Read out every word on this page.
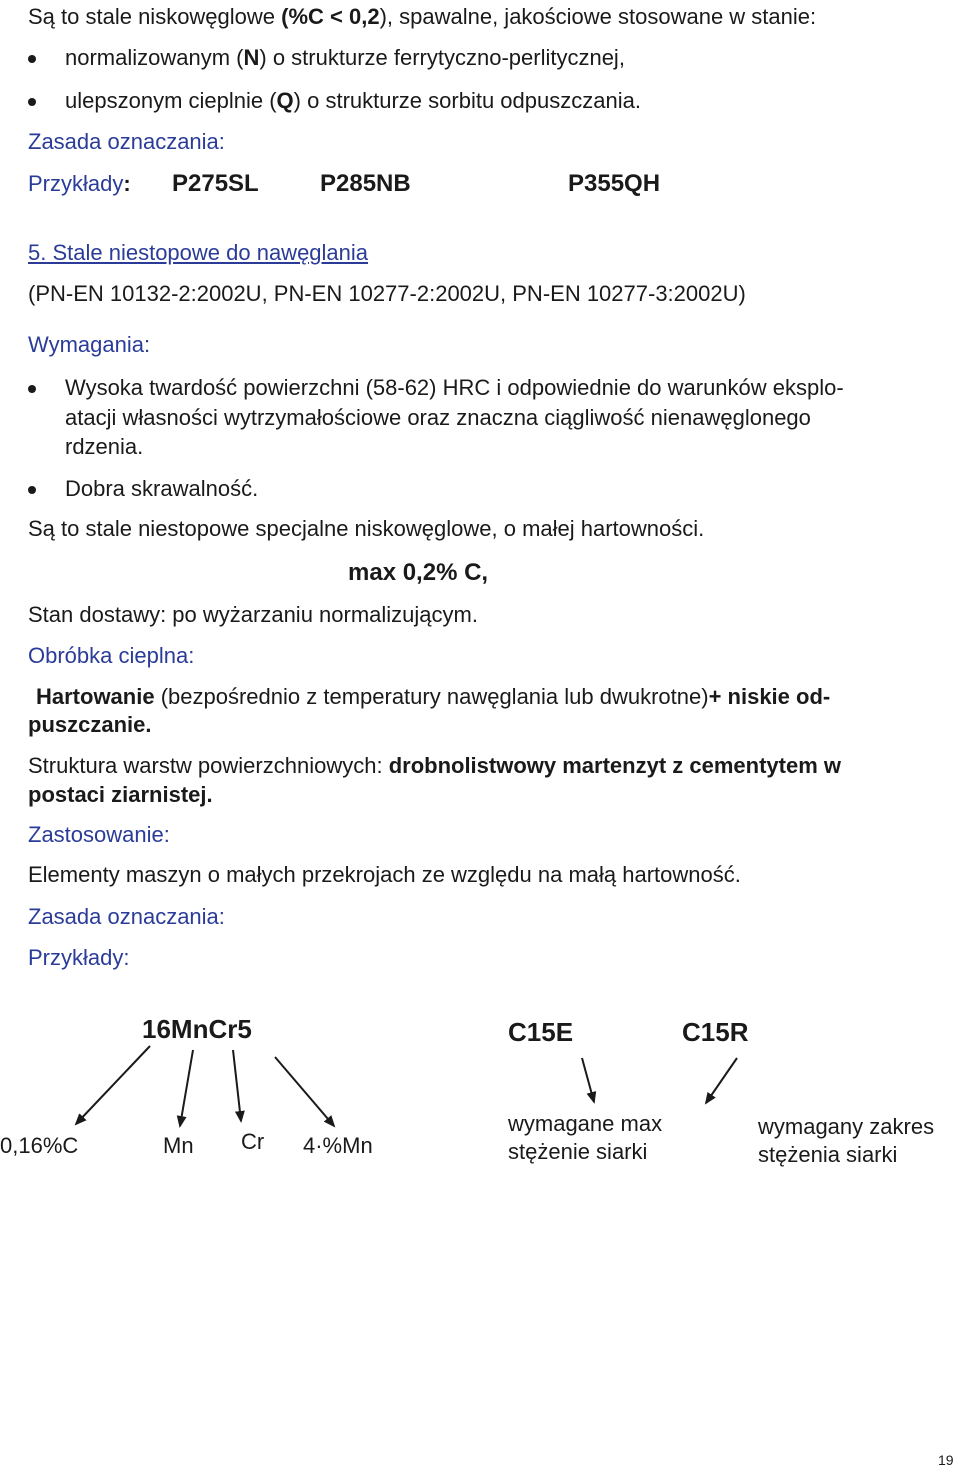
Są to stale niskowęglowe (%C < 0,2), spawalne, jakościowe stosowane w stanie:
normalizowanym (N) o strukturze ferrytyczno-perlitycznej,
ulepszonym cieplnie (Q) o strukturze sorbitu odpuszczania.
Zasada oznaczania:
Przykłady: P275SL	P285NB	P355QH
5. Stale niestopowe do nawęglania
(PN-EN 10132-2:2002U, PN-EN 10277-2:2002U, PN-EN 10277-3:2002U)
Wymagania:
Wysoka twardość powierzchni (58-62) HRC i odpowiednie do warunków eksplo-
atacji własności wytrzymałościowe oraz znaczna ciągliwość nienawęglonego
rdzenia.
Dobra skrawalność.
Są to stale niestopowe specjalne niskowęglowe, o małej hartowności.
max 0,2% C,
Stan dostawy: po wyżarzaniu normalizującym.
Obróbka cieplna:
Hartowanie (bezpośrednio z temperatury nawęglania lub dwukrotne)+ niskie od-
puszczanie.
Struktura warstw powierzchniowych: drobnolistwowy martenzyt z cementytem w
postaci ziarnistej.
Zastosowanie:
Elementy maszyn o małych przekrojach ze względu na małą hartowność.
Zasada oznaczania:
Przykłady:
16MnCr5	C15E	C15R
0,16%C	Mn Cr 4·%Mn
wymagane max
stężenie siarki
wymagany zakres
stężenia siarki
19
